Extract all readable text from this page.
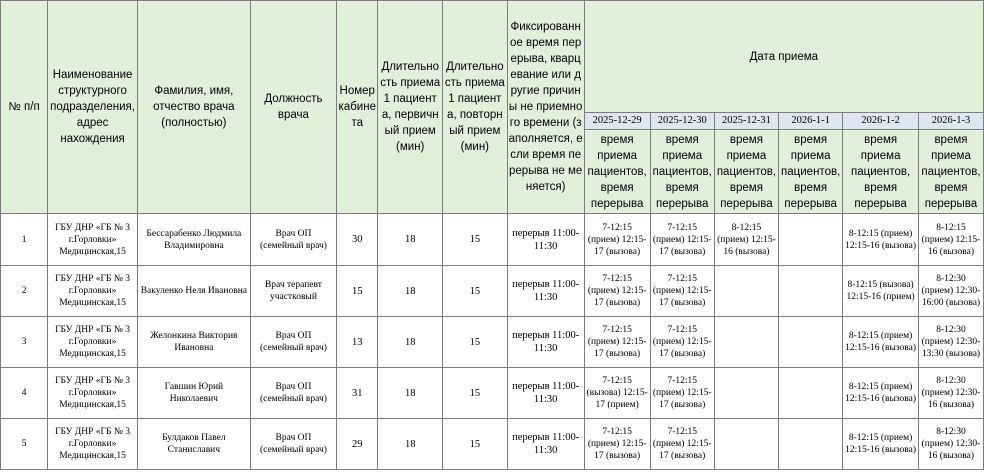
№ п/п	Наименование структурного подразделения, адрес нахождения	Фамилия, имя, отчество врача (полностью)	Должность врача	Номер кабинета	Длительность приема 1 пациента, первичный прием (мин)	Длительность приема 1 пациента, повторный прием (мин)	Фиксированное время перерыва, кварцевание или другие причины не приемного времени (заполняется, если время перерыва не меняется)	Дата приема					
								2025-12-29	2025-12-30	2025-12-31	2026-1-1	2026-1-2	2026-1-3
								время приема пациентов, время перерыва	время приема пациентов, время перерыва	время приема пациентов, время перерыва	время приема пациентов, время перерыва	время приема пациентов, время перерыва	время приема пациентов, время перерыва
1	ГБУ ДНР «ГБ № 3 г.Горловки» Медицинская,15	Бессарабенко Людмила Владимировна	Врач ОП (семейный врач)	30	18	15	перерыв 11:00-11:30	7-12:15 (прием) 12:15-17 (вызова)	7-12:15 (прием) 12:15-17 (вызова)	8-12:15 (прием) 12:15-16 (вызова)		8-12:15 (прием) 12:15-16 (вызова)	8-12:15 (прием) 12:15-16 (вызова)
2	ГБУ ДНР «ГБ № 3 г.Горловки» Медицинская,15	Вакуленко Неля Ивановна	Врач терапевт участковый	15	18	15	перерыв 11:00-11:30	7-12:15 (прием) 12:15-17 (вызова)	7-12:15 (прием) 12:15-17 (вызова)			8-12:15 (вызова) 12:15-16 (прием)	8-12:30 (прием) 12:30-16:00 (вызова)
3	ГБУ ДНР «ГБ № 3 г.Горловки» Медицинская,15	Желонкина Виктория Ивановна	Врач ОП (семейный врач)	13	18	15	перерыв 11:00-11:30	7-12:15 (прием) 12:15-17 (вызова)	7-12:15 (прием) 12:15-17 (вызова)			8-12:15 (прием) 12:15-16 (вызова)	8-12:30 (прием) 12:30-13:30 (вызова)
4	ГБУ ДНР «ГБ № 3 г.Горловки» Медицинская,15	Гавшин Юрий Николаевич	Врач ОП (семейный врач)	31	18	15	перерыв 11:00-11:30	7-12:15 (вызова) 12:15-17 (прием)	7-12:15 (прием) 12:15-17 (вызова)			8-12:15 (прием) 12:15-16 (вызова)	8-12:30 (прием) 12:30-16 (вызова)
5	ГБУ ДНР «ГБ № 3 г.Горловки» Медицинская,15	Булдаков Павел Станиславич	Врач ОП (семейный врач)	29	18	15	перерыв 11:00-11:30	7-12:15 (прием) 12:15-17 (вызова)	7-12:15 (прием) 12:15-17 (вызова)			8-12:15 (прием) 12:15-16 (вызова)	8-12:30 (прием) 12:30-16 (вызова)
